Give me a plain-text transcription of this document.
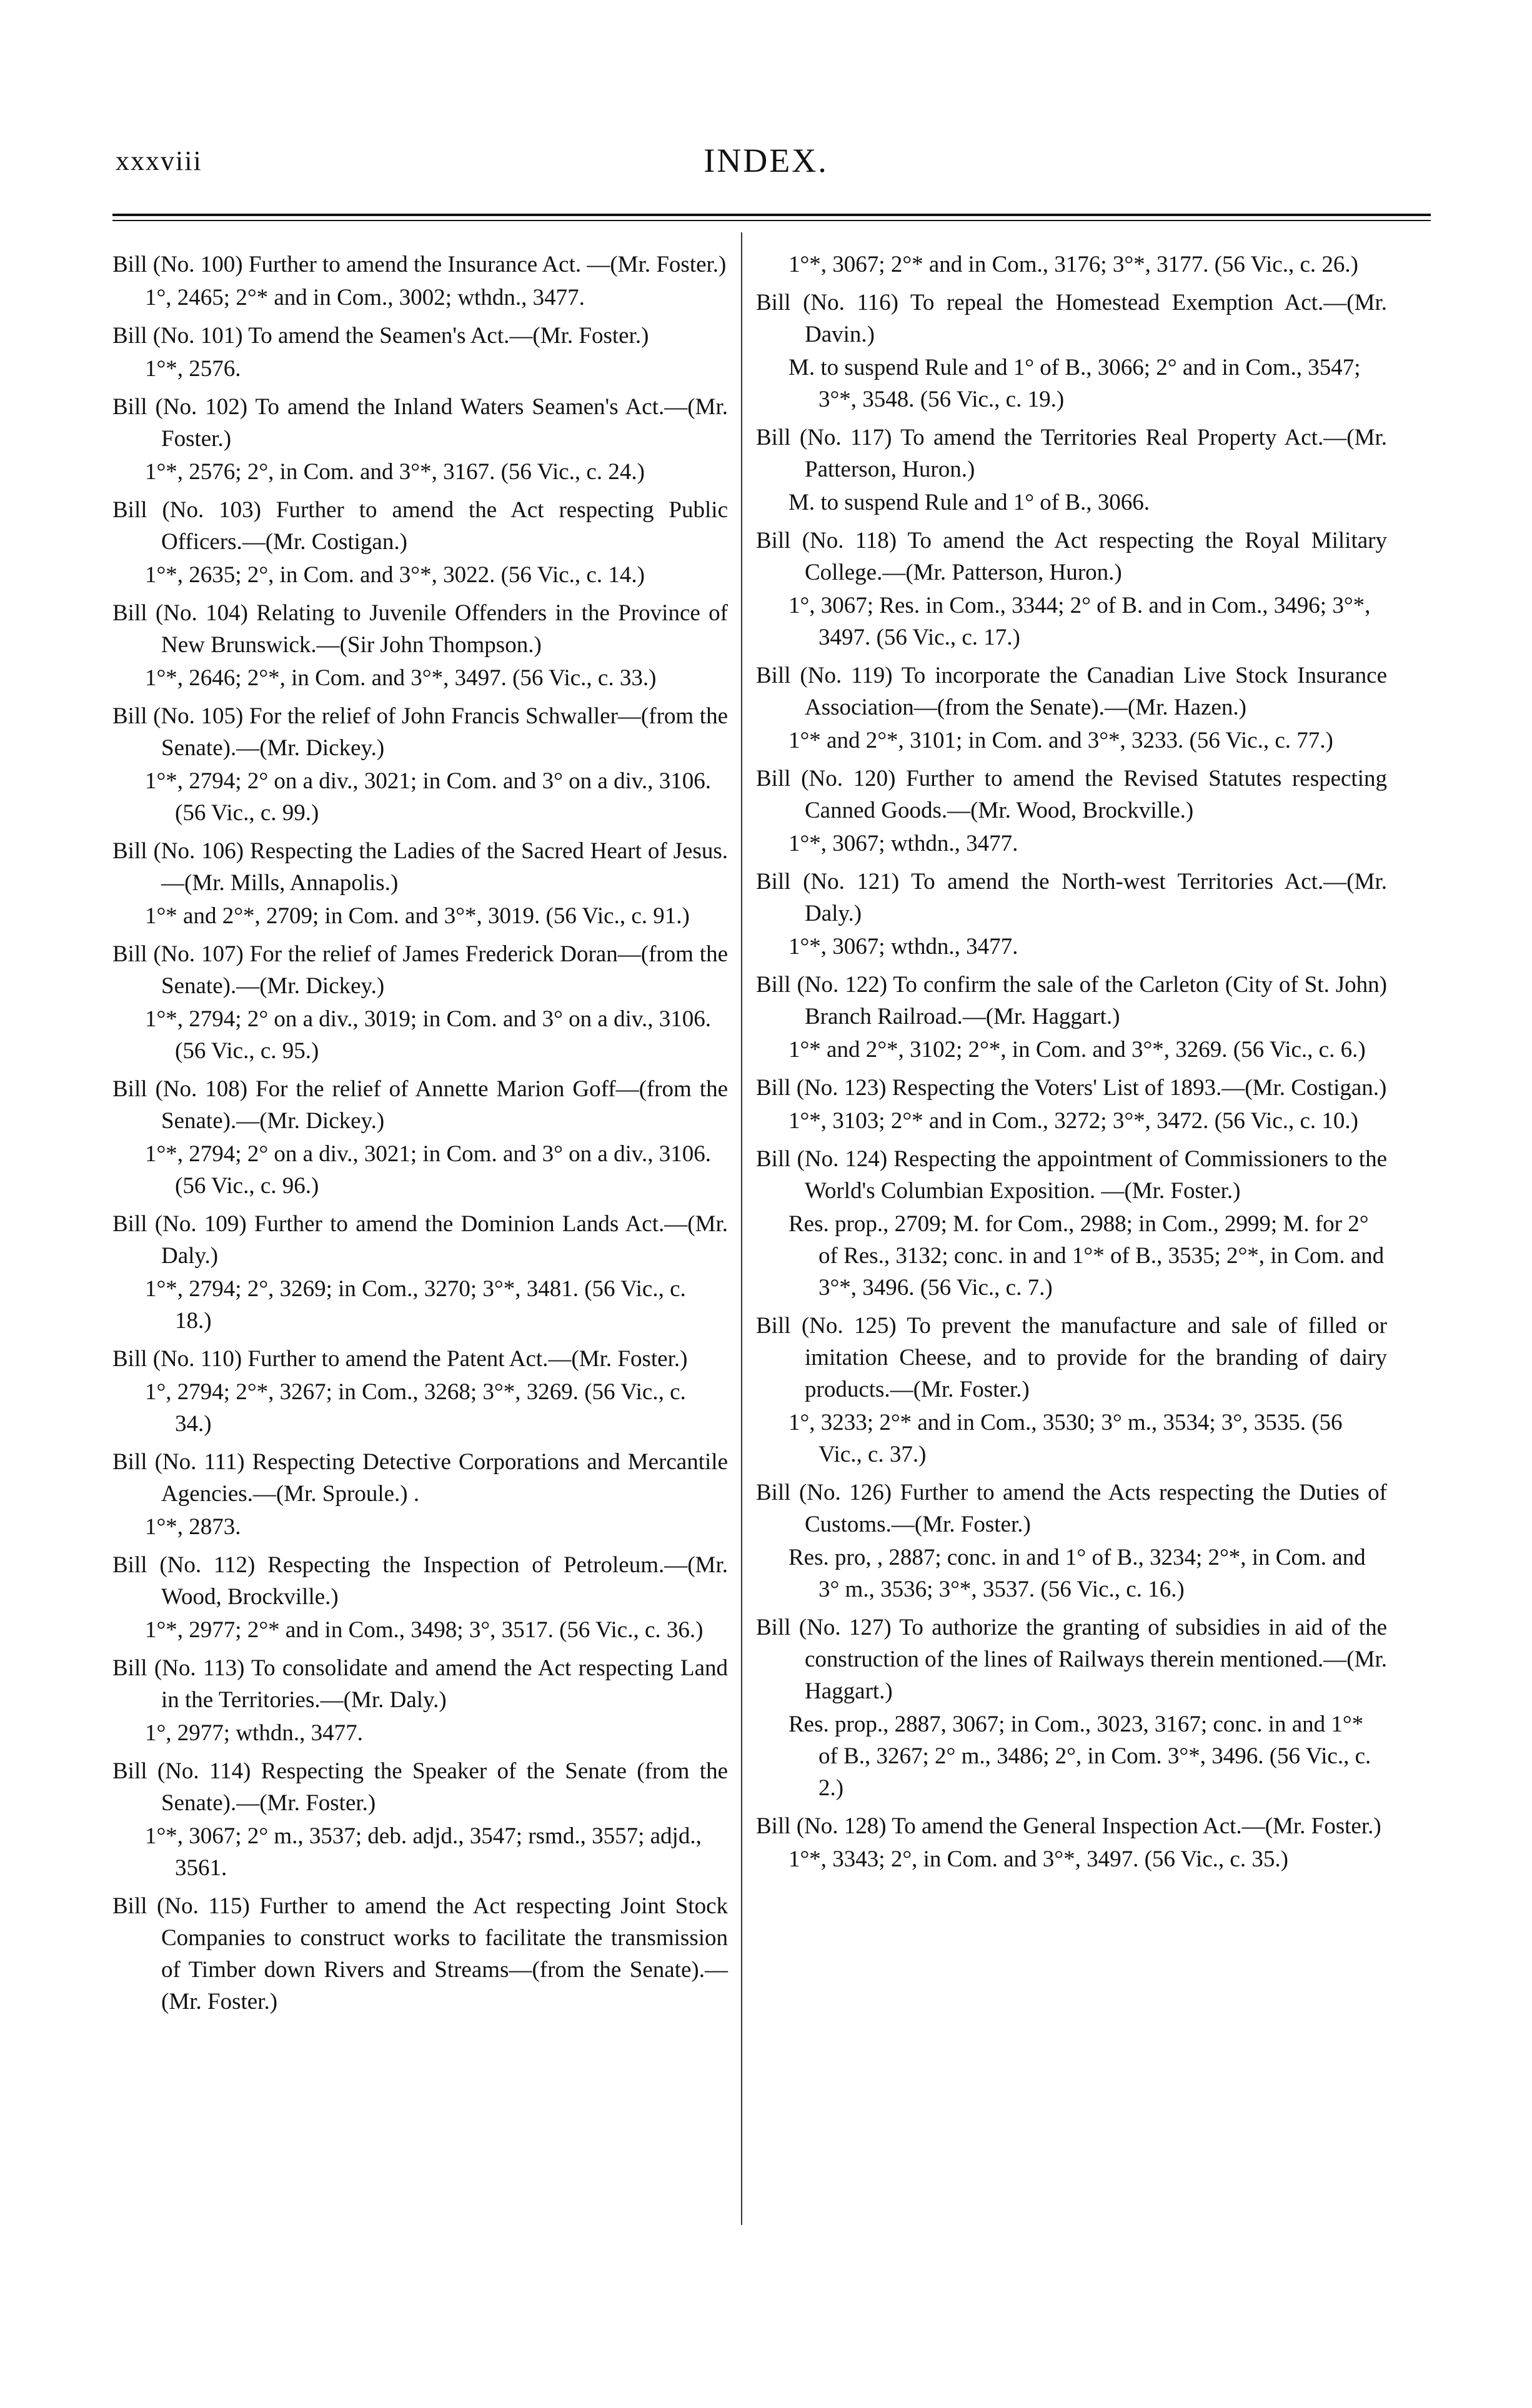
xxxviii	INDEX.
Bill (No. 100) Further to amend the Insurance Act. —(Mr. Foster.)
1°, 2465; 2°* and in Com., 3002; wthdn., 3477.
Bill (No. 101) To amend the Seamen's Act.—(Mr. Foster.)
1°*, 2576.
Bill (No. 102) To amend the Inland Waters Seamen's Act.—(Mr. Foster.)
1°*, 2576; 2°, in Com. and 3°*, 3167. (56 Vic., c. 24.)
Bill (No. 103) Further to amend the Act respecting Public Officers.—(Mr. Costigan.)
1°*, 2635; 2°, in Com. and 3°*, 3022. (56 Vic., c. 14.)
Bill (No. 104) Relating to Juvenile Offenders in the Province of New Brunswick.—(Sir John Thompson.)
1°*, 2646; 2°*, in Com. and 3°*, 3497. (56 Vic., c. 33.)
Bill (No. 105) For the relief of John Francis Schwaller—(from the Senate).—(Mr. Dickey.)
1°*, 2794; 2° on a div., 3021; in Com. and 3° on a div., 3106. (56 Vic., c. 99.)
Bill (No. 106) Respecting the Ladies of the Sacred Heart of Jesus.—(Mr. Mills, Annapolis.)
1°* and 2°*, 2709; in Com. and 3°*, 3019. (56 Vic., c. 91.)
Bill (No. 107) For the relief of James Frederick Doran—(from the Senate).—(Mr. Dickey.)
1°*, 2794; 2° on a div., 3019; in Com. and 3° on a div., 3106. (56 Vic., c. 95.)
Bill (No. 108) For the relief of Annette Marion Goff—(from the Senate).—(Mr. Dickey.)
1°*, 2794; 2° on a div., 3021; in Com. and 3° on a div., 3106. (56 Vic., c. 96.)
Bill (No. 109) Further to amend the Dominion Lands Act.—(Mr. Daly.)
1°*, 2794; 2°, 3269; in Com., 3270; 3°*, 3481. (56 Vic., c. 18.)
Bill (No. 110) Further to amend the Patent Act.—(Mr. Foster.)
1°, 2794; 2°*, 3267; in Com., 3268; 3°*, 3269. (56 Vic., c. 34.)
Bill (No. 111) Respecting Detective Corporations and Mercantile Agencies.—(Mr. Sproule.) .
1°*, 2873.
Bill (No. 112) Respecting the Inspection of Petroleum.—(Mr. Wood, Brockville.)
1°*, 2977; 2°* and in Com., 3498; 3°, 3517. (56 Vic., c. 36.)
Bill (No. 113) To consolidate and amend the Act respecting Land in the Territories.—(Mr. Daly.)
1°, 2977; wthdn., 3477.
Bill (No. 114) Respecting the Speaker of the Senate (from the Senate).—(Mr. Foster.)
1°*, 3067; 2° m., 3537; deb. adjd., 3547; rsmd., 3557; adjd., 3561.
Bill (No. 115) Further to amend the Act respecting Joint Stock Companies to construct works to facilitate the transmission of Timber down Rivers and Streams—(from the Senate).—(Mr. Foster.)
1°*, 3067; 2°* and in Com., 3176; 3°*, 3177. (56 Vic., c. 26.)
Bill (No. 116) To repeal the Homestead Exemption Act.—(Mr. Davin.)
M. to suspend Rule and 1° of B., 3066; 2° and in Com., 3547; 3°*, 3548. (56 Vic., c. 19.)
Bill (No. 117) To amend the Territories Real Property Act.—(Mr. Patterson, Huron.)
M. to suspend Rule and 1° of B., 3066.
Bill (No. 118) To amend the Act respecting the Royal Military College.—(Mr. Patterson, Huron.)
1°, 3067; Res. in Com., 3344; 2° of B. and in Com., 3496; 3°*, 3497. (56 Vic., c. 17.)
Bill (No. 119) To incorporate the Canadian Live Stock Insurance Association—(from the Senate).—(Mr. Hazen.)
1°* and 2°*, 3101; in Com. and 3°*, 3233. (56 Vic., c. 77.)
Bill (No. 120) Further to amend the Revised Statutes respecting Canned Goods.—(Mr. Wood, Brockville.)
1°*, 3067; wthdn., 3477.
Bill (No. 121) To amend the North-west Territories Act.—(Mr. Daly.)
1°*, 3067; wthdn., 3477.
Bill (No. 122) To confirm the sale of the Carleton (City of St. John) Branch Railroad.—(Mr. Haggart.)
1°* and 2°*, 3102; 2°*, in Com. and 3°*, 3269. (56 Vic., c. 6.)
Bill (No. 123) Respecting the Voters' List of 1893.—(Mr. Costigan.)
1°*, 3103; 2°* and in Com., 3272; 3°*, 3472. (56 Vic., c. 10.)
Bill (No. 124) Respecting the appointment of Commissioners to the World's Columbian Exposition. —(Mr. Foster.)
Res. prop., 2709; M. for Com., 2988; in Com., 2999; M. for 2° of Res., 3132; conc. in and 1°* of B., 3535; 2°*, in Com. and 3°*, 3496. (56 Vic., c. 7.)
Bill (No. 125) To prevent the manufacture and sale of filled or imitation Cheese, and to provide for the branding of dairy products.—(Mr. Foster.)
1°, 3233; 2°* and in Com., 3530; 3° m., 3534; 3°, 3535. (56 Vic., c. 37.)
Bill (No. 126) Further to amend the Acts respecting the Duties of Customs.—(Mr. Foster.)
Res. pro, , 2887; conc. in and 1° of B., 3234; 2°*, in Com. and 3° m., 3536; 3°*, 3537. (56 Vic., c. 16.)
Bill (No. 127) To authorize the granting of subsidies in aid of the construction of the lines of Railways therein mentioned.—(Mr. Haggart.)
Res. prop., 2887, 3067; in Com., 3023, 3167; conc. in and 1°* of B., 3267; 2° m., 3486; 2°, in Com. 3°*, 3496. (56 Vic., c. 2.)
Bill (No. 128) To amend the General Inspection Act.—(Mr. Foster.)
1°*, 3343; 2°, in Com. and 3°*, 3497. (56 Vic., c. 35.)
